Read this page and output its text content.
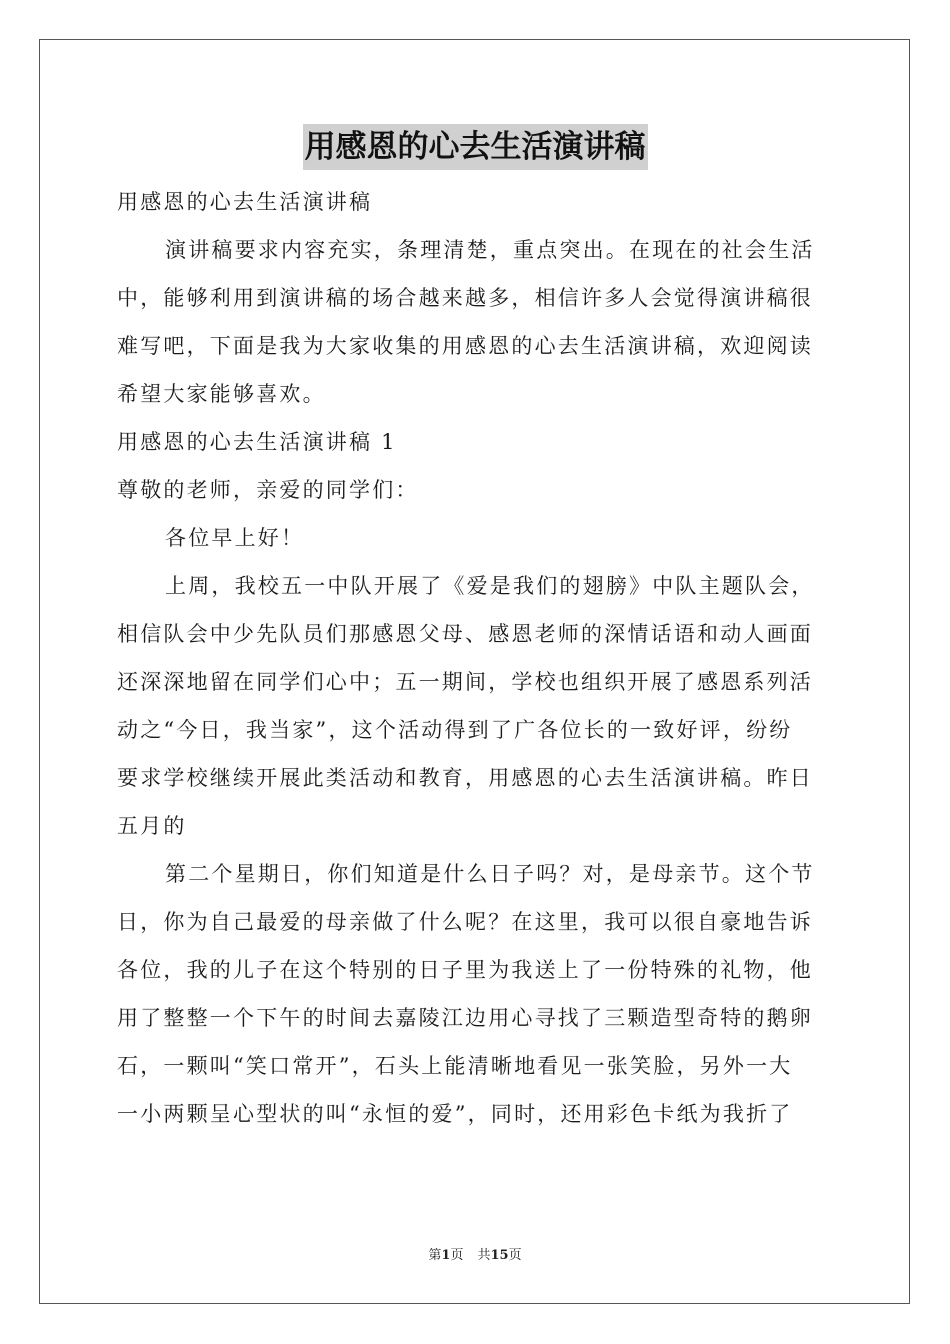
用感恩的心去生活演讲稿
用感恩的心去生活演讲稿
演讲稿要求内容充实，条理清楚，重点突出。在现在的社会生活
中，能够利用到演讲稿的场合越来越多，相信许多人会觉得演讲稿很
难写吧，下面是我为大家收集的用感恩的心去生活演讲稿，欢迎阅读
希望大家能够喜欢。
用感恩的心去生活演讲稿 1
尊敬的老师，亲爱的同学们：
各位早上好！
上周，我校五一中队开展了《爱是我们的翅膀》中队主题队会，
相信队会中少先队员们那感恩父母、感恩老师的深情话语和动人画面
还深深地留在同学们心中；五一期间，学校也组织开展了感恩系列活
动之“今日，我当家”，这个活动得到了广各位长的一致好评，纷纷
要求学校继续开展此类活动和教育，用感恩的心去生活演讲稿。昨日
五月的
第二个星期日，你们知道是什么日子吗？对，是母亲节。这个节
日，你为自己最爱的母亲做了什么呢？在这里，我可以很自豪地告诉
各位，我的儿子在这个特别的日子里为我送上了一份特殊的礼物，他
用了整整一个下午的时间去嘉陵江边用心寻找了三颗造型奇特的鹅卵
石，一颗叫“笑口常开”，石头上能清晰地看见一张笑脸，另外一大
一小两颗呈心型状的叫“永恒的爱”，同时，还用彩色卡纸为我折了
第1页 共15页
